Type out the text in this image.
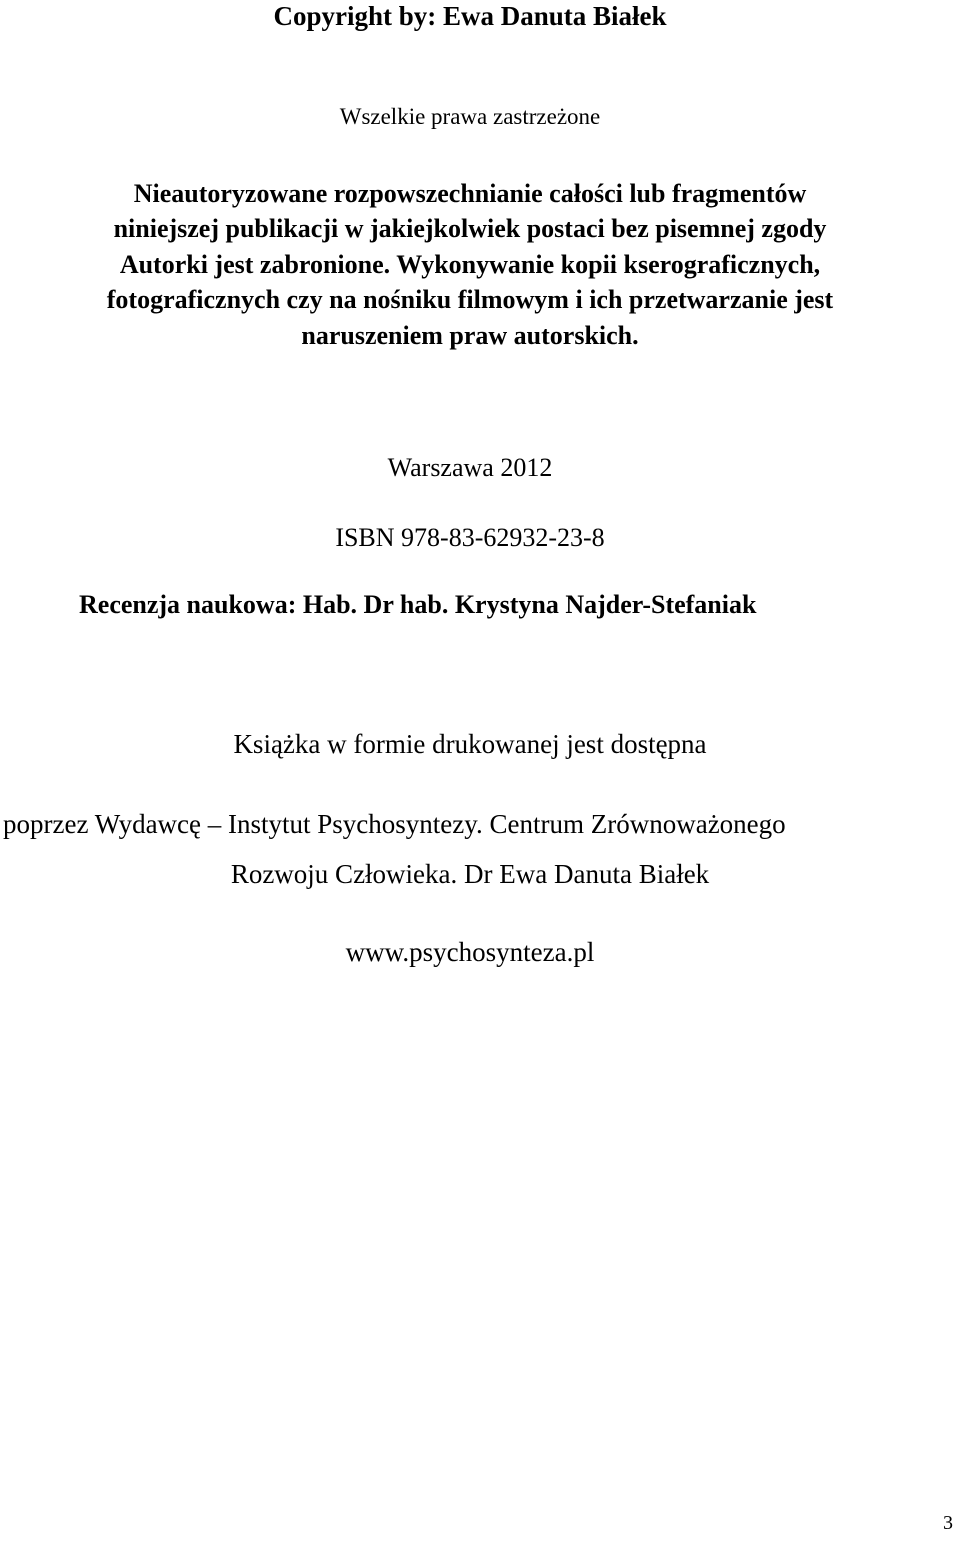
Copyright by: Ewa Danuta Białek
Wszelkie prawa zastrzeżone
Nieautoryzowane rozpowszechnianie całości lub fragmentów
niniejszej publikacji w jakiejkolwiek postaci bez pisemnej zgody
Autorki jest zabronione. Wykonywanie kopii kserograficznych,
fotograficznych czy na nośniku filmowym i ich przetwarzanie jest
naruszeniem praw autorskich.
Warszawa 2012
ISBN 978-83-62932-23-8
Recenzja naukowa: Hab. Dr hab. Krystyna Najder-Stefaniak
Książka w formie drukowanej jest dostępna
poprzez Wydawcę – Instytut Psychosyntezy. Centrum Zrównoważonego
Rozwoju Człowieka. Dr Ewa Danuta Białek
www.psychosynteza.pl
3
